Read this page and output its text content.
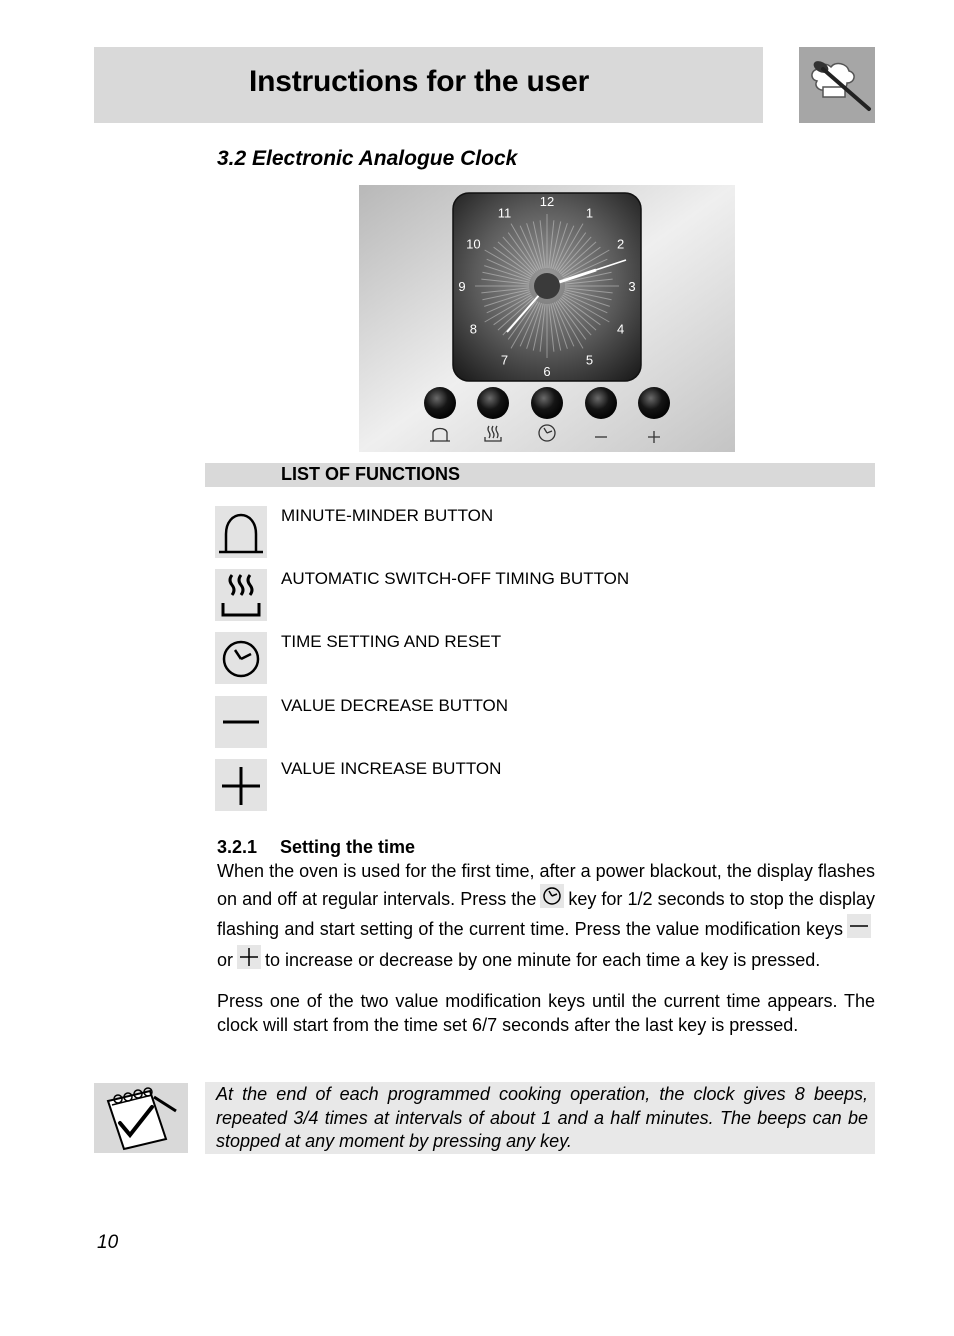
Instructions for the user
3.2 Electronic Analogue Clock
12
1
2
3
4
5
6
7
8
9
10
11
LIST OF FUNCTIONS
MINUTE-MINDER BUTTON
AUTOMATIC SWITCH-OFF TIMING BUTTON
TIME SETTING AND RESET
VALUE DECREASE BUTTON
VALUE INCREASE BUTTON
3.2.1 Setting the time

When the oven is used for the first time, after a power blackout, the display flashes on and off at regular intervals. Press the key for 1/2 seconds to stop the display flashing and start setting of the current time. Press the value modification keysor to increase or decrease by one minute for each time a key is pressed.

Press one of the two value modification keys until the current time appears. The clock will start from the time set 6/7 seconds after the last key is pressed.

At the end of each programmed cooking operation, the clock gives 8 beeps, repeated 3/4 times at intervals of about 1 and a half minutes. The beeps can be stopped at any moment by pressing any key.

10
